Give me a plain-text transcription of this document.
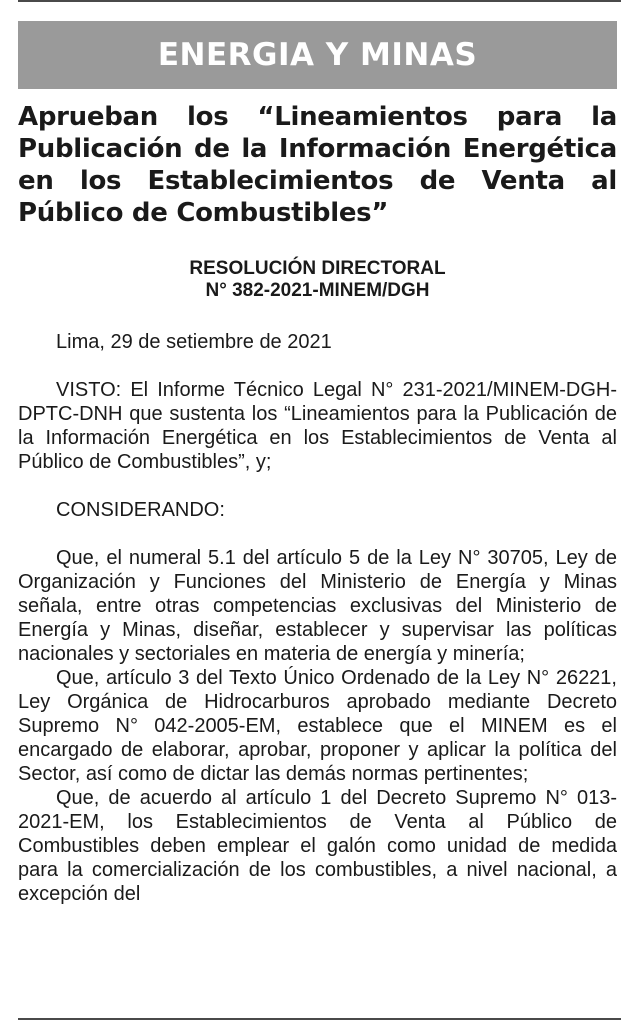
ENERGIA Y MINAS
Aprueban los “Lineamientos para la Publicación de la Información Energética en los Establecimientos de Venta al Público de Combustibles”
RESOLUCIÓN DIRECTORAL
N° 382-2021-MINEM/DGH

Lima, 29 de setiembre de 2021

VISTO: El Informe Técnico Legal N° 231-2021/MINEM-DGH-DPTC-DNH que sustenta los “Lineamientos para la Publicación de la Información Energética en los Establecimientos de Venta al Público de Combustibles”, y;

CONSIDERANDO:

Que, el numeral 5.1 del artículo 5 de la Ley N° 30705, Ley de Organización y Funciones del Ministerio de Energía y Minas señala, entre otras competencias exclusivas del Ministerio de Energía y Minas, diseñar, establecer y supervisar las políticas nacionales y sectoriales en materia de energía y minería;

Que, artículo 3 del Texto Único Ordenado de la Ley N° 26221, Ley Orgánica de Hidrocarburos aprobado mediante Decreto Supremo N° 042-2005-EM, establece que el MINEM es el encargado de elaborar, aprobar, proponer y aplicar la política del Sector, así como de dictar las demás normas pertinentes;

Que, de acuerdo al artículo 1 del Decreto Supremo N° 013-2021-EM, los Establecimientos de Venta al Público de Combustibles deben emplear el galón como unidad de medida para la comercialización de los combustibles, a nivel nacional, a excepción del
